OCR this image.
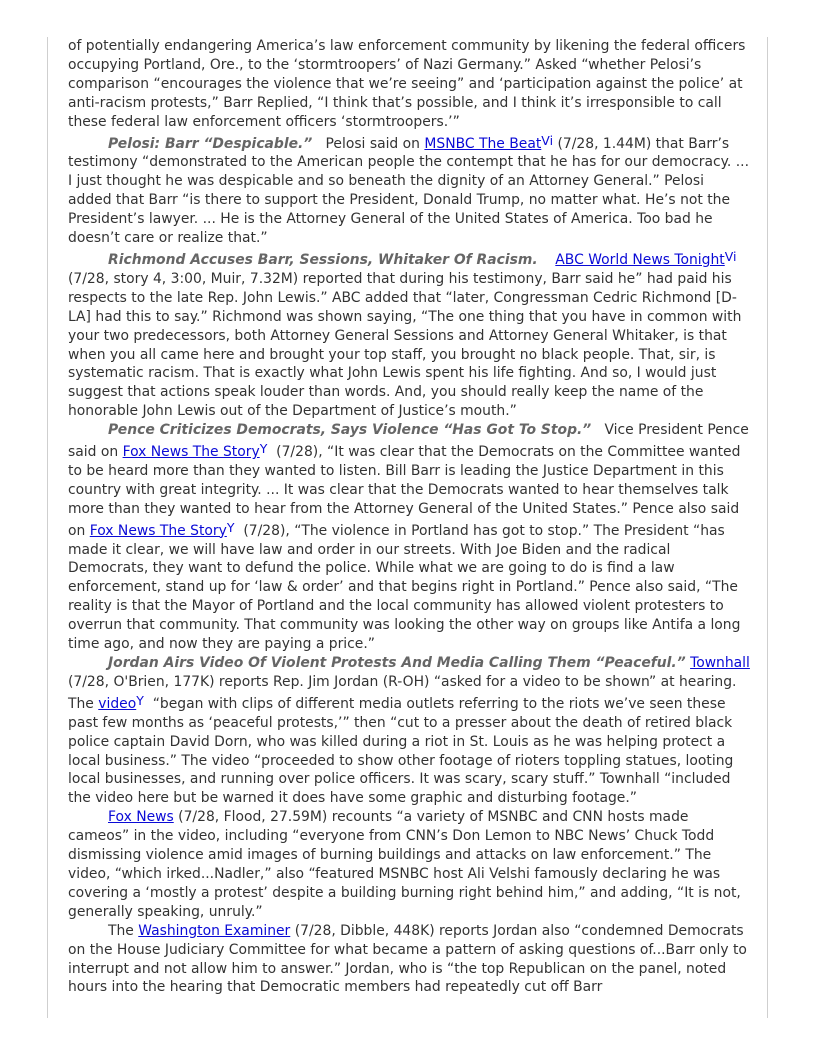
of potentially endangering America’s law enforcement community by likening the federal officers occupying Portland, Ore., to the ‘stormtroopers’ of Nazi Germany.” Asked “whether Pelosi’s comparison “encourages the violence that we’re seeing” and ‘participation against the police’ at anti-racism protests,” Barr Replied, “I think that’s possible, and I think it’s irresponsible to call these federal law enforcement officers ‘stormtroopers.’”

Pelosi: Barr “Despicable.” Pelosi said on MSNBC The BeatVi (7/28, 1.44M) that Barr’s testimony “demonstrated to the American people the contempt that he has for our democracy. ... I just thought he was despicable and so beneath the dignity of an Attorney General.” Pelosi added that Barr “is there to support the President, Donald Trump, no matter what. He’s not the President’s lawyer. ... He is the Attorney General of the United States of America. Too bad he doesn’t care or realize that.”

Richmond Accuses Barr, Sessions, Whitaker Of Racism. ABC World News TonightVi (7/28, story 4, 3:00, Muir, 7.32M) reported that during his testimony, Barr said he” had paid his respects to the late Rep. John Lewis.” ABC added that “later, Congressman Cedric Richmond [D-LA] had this to say.” Richmond was shown saying, “The one thing that you have in common with your two predecessors, both Attorney General Sessions and Attorney General Whitaker, is that when you all came here and brought your top staff, you brought no black people. That, sir, is systematic racism. That is exactly what John Lewis spent his life fighting. And so, I would just suggest that actions speak louder than words. And, you should really keep the name of the honorable John Lewis out of the Department of Justice’s mouth.”

Pence Criticizes Democrats, Says Violence “Has Got To Stop.” Vice President Pence said on Fox News The StoryY (7/28), “It was clear that the Democrats on the Committee wanted to be heard more than they wanted to listen. Bill Barr is leading the Justice Department in this country with great integrity. ... It was clear that the Democrats wanted to hear themselves talk more than they wanted to hear from the Attorney General of the United States.” Pence also said on Fox News The StoryY (7/28), “The violence in Portland has got to stop.” The President “has made it clear, we will have law and order in our streets. With Joe Biden and the radical Democrats, they want to defund the police. While what we are going to do is find a law enforcement, stand up for ‘law & order’ and that begins right in Portland.” Pence also said, “The reality is that the Mayor of Portland and the local community has allowed violent protesters to overrun that community. That community was looking the other way on groups like Antifa a long time ago, and now they are paying a price.”

Jordan Airs Video Of Violent Protests And Media Calling Them “Peaceful.” Townhall (7/28, O'Brien, 177K) reports Rep. Jim Jordan (R-OH) “asked for a video to be shown” at hearing. The videoY “began with clips of different media outlets referring to the riots we’ve seen these past few months as ‘peaceful protests,’” then “cut to a presser about the death of retired black police captain David Dorn, who was killed during a riot in St. Louis as he was helping protect a local business.” The video “proceeded to show other footage of rioters toppling statues, looting local businesses, and running over police officers. It was scary, scary stuff.” Townhall “included the video here but be warned it does have some graphic and disturbing footage.”

Fox News (7/28, Flood, 27.59M) recounts “a variety of MSNBC and CNN hosts made cameos” in the video, including “everyone from CNN’s Don Lemon to NBC News’ Chuck Todd dismissing violence amid images of burning buildings and attacks on law enforcement.” The video, “which irked...Nadler,” also “featured MSNBC host Ali Velshi famously declaring he was covering a ‘mostly a protest’ despite a building burning right behind him,” and adding, “It is not, generally speaking, unruly.”

The Washington Examiner (7/28, Dibble, 448K) reports Jordan also “condemned Democrats on the House Judiciary Committee for what became a pattern of asking questions of...Barr only to interrupt and not allow him to answer.” Jordan, who is “the top Republican on the panel, noted hours into the hearing that Democratic members had repeatedly cut off Barr
